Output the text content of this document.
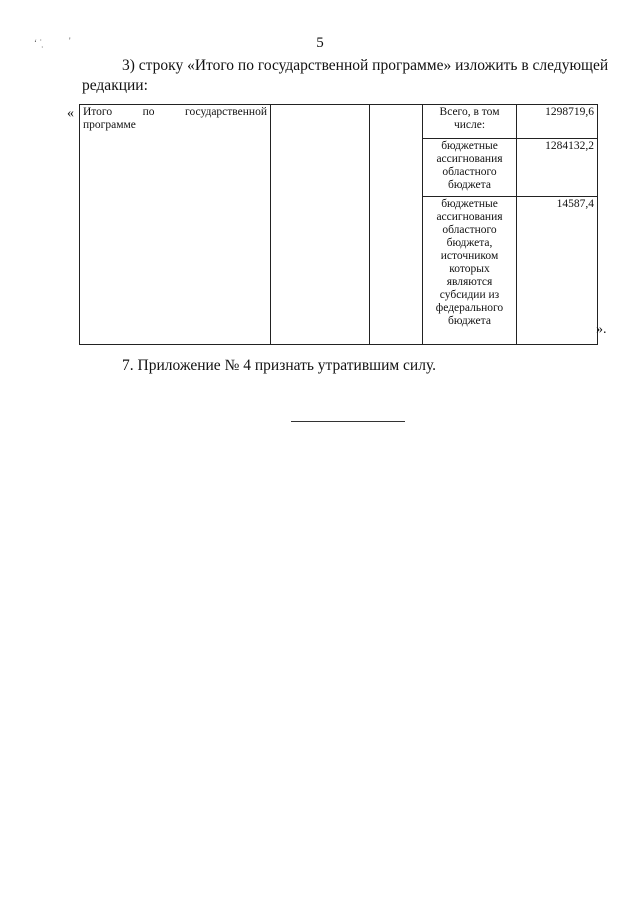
‘ ˙̹	'	5
3) строку «Итого по государственной программе» изложить в следующей редакции:
« Итого по государственной программе			Всего, в том числе:	1298719,6
			бюджетные ассигнования областного бюджета	1284132,2
			бюджетные ассигнования областного бюджета, источником которых являются субсидии из федерального бюджета	14587,4
».
7. Приложение № 4 признать утратившим силу.
